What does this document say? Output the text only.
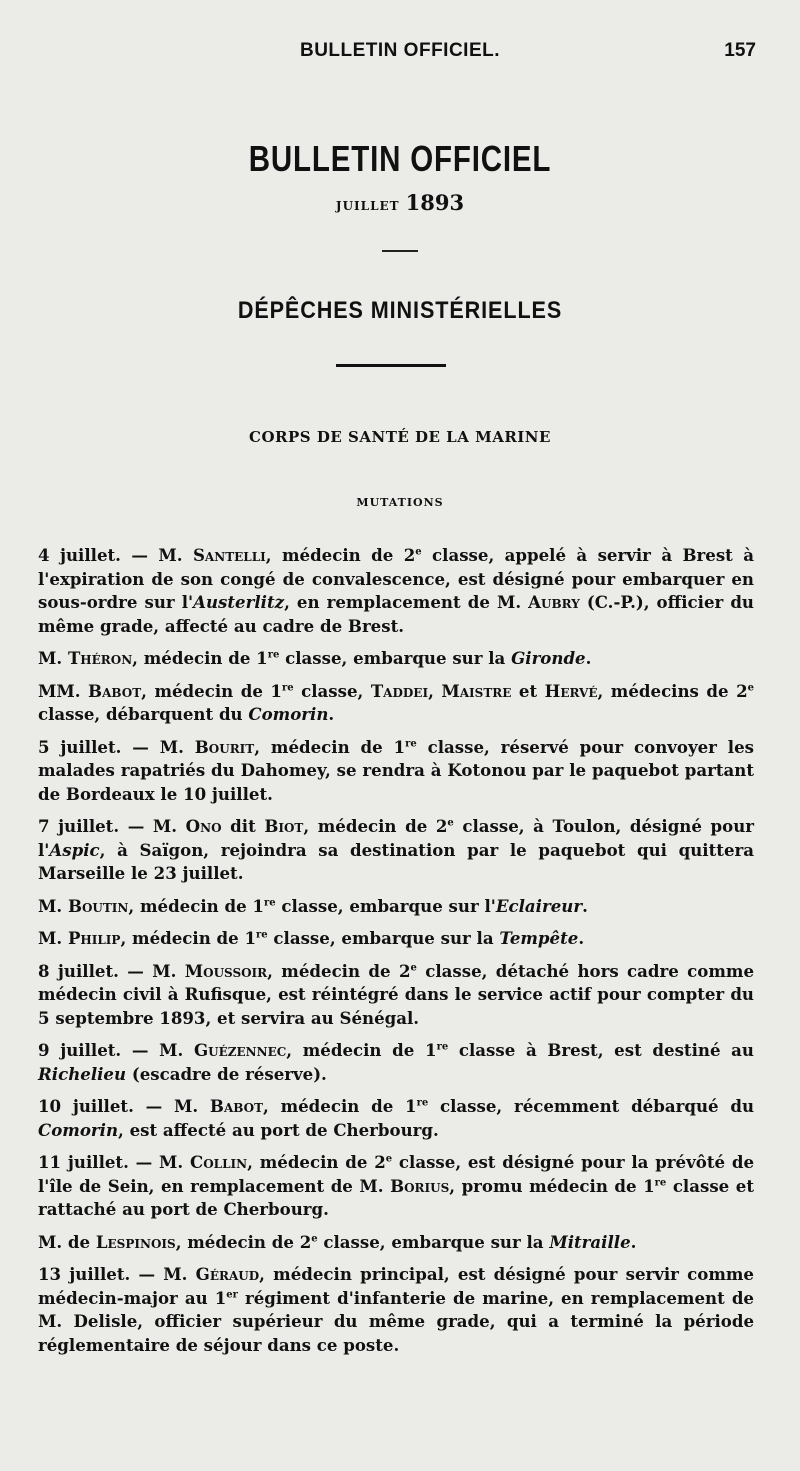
BULLETIN OFFICIEL.	157
BULLETIN OFFICIEL
JUILLET 1893
DÉPÊCHES MINISTÉRIELLES
CORPS DE SANTÉ DE LA MARINE
MUTATIONS

4 juillet. — M. Santelli, médecin de 2e classe, appelé à servir à Brest à l'expiration de son congé de convalescence, est désigné pour embarquer en sous-ordre sur l'Austerlitz, en remplacement de M. Aubry (C.-P.), officier du même grade, affecté au cadre de Brest.

M. Théron, médecin de 1re classe, embarque sur la Gironde.

MM. Babot, médecin de 1re classe, Taddei, Maistre et Hervé, médecins de 2e classe, débarquent du Comorin.

5 juillet. — M. Bourit, médecin de 1re classe, réservé pour convoyer les malades rapatriés du Dahomey, se rendra à Kotonou par le paquebot partant de Bordeaux le 10 juillet.

7 juillet. — M. Ono dit Biot, médecin de 2e classe, à Toulon, désigné pour l'Aspic, à Saïgon, rejoindra sa destination par le paquebot qui quittera Marseille le 23 juillet.

M. Boutin, médecin de 1re classe, embarque sur l'Eclaireur.

M. Philip, médecin de 1re classe, embarque sur la Tempête.

8 juillet. — M. Moussoir, médecin de 2e classe, détaché hors cadre comme médecin civil à Rufisque, est réintégré dans le service actif pour compter du 5 septembre 1893, et servira au Sénégal.

9 juillet. — M. Guézennec, médecin de 1re classe à Brest, est destiné au Richelieu (escadre de réserve).

10 juillet. — M. Babot, médecin de 1re classe, récemment débarqué du Comorin, est affecté au port de Cherbourg.

11 juillet. — M. Collin, médecin de 2e classe, est désigné pour la prévôté de l'île de Sein, en remplacement de M. Borius, promu médecin de 1re classe et rattaché au port de Cherbourg.

M. de Lespinois, médecin de 2e classe, embarque sur la Mitraille.

13 juillet. — M. Géraud, médecin principal, est désigné pour servir comme médecin-major au 1er régiment d'infanterie de marine, en remplacement de M. Delisle, officier supérieur du même grade, qui a terminé la période réglementaire de séjour dans ce poste.
